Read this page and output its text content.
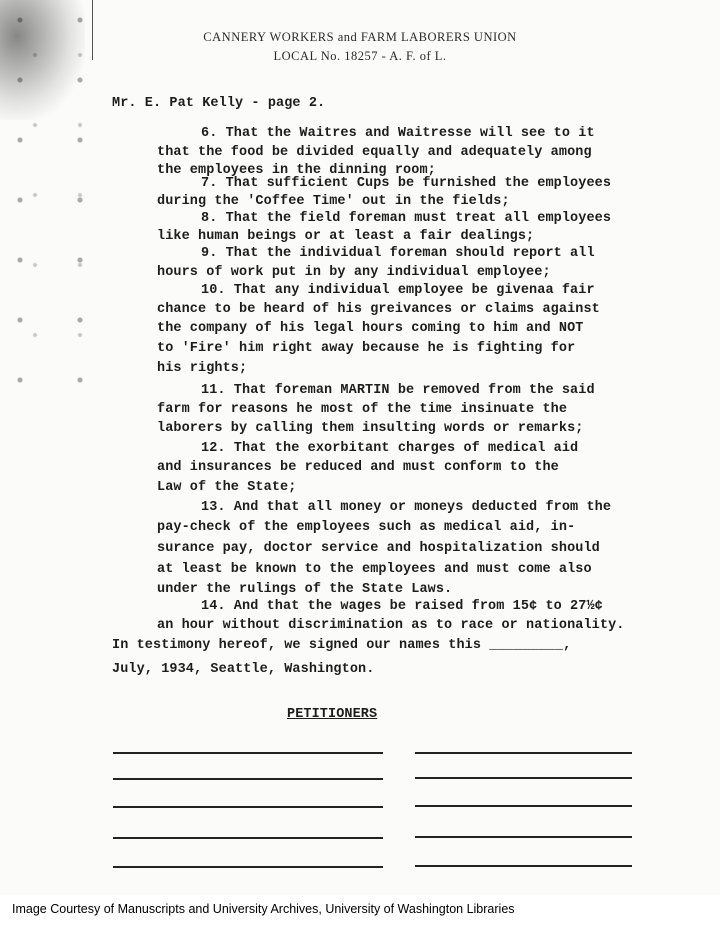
CANNERY WORKERS and FARM LABORERS UNION
LOCAL No. 18257 - A. F. of L.
Mr. E. Pat Kelly - page 2.
6. That the Waitres and Waitresse will see to it
that the food be divided equally and adequately among
the employees in the dinning room;
7. That sufficient Cups be furnished the employees
during the 'Coffee Time' out in the fields;
8. That the field foreman must treat all employees
like human beings or at least a fair dealings;
9. That the individual foreman should report all
hours of work put in by any individual employee;
10. That any individual employee be givenaa fair
chance to be heard of his greivances or claims against
the company of his legal hours coming to him and NOT
to 'Fire' him right away because he is fighting for
his rights;
11. That foreman MARTIN be removed from the said
farm for reasons he most of the time insinuate the
laborers by calling them insulting words or remarks;
12. That the exorbitant charges of medical aid
and insurances be reduced and must conform to the
Law of the State;
13. And that all money or moneys deducted from the
pay-check of the employees such as medical aid, in-
surance pay, doctor service and hospitalization should
at least be known to the employees and must come also
under the rulings of the State Laws.
14. And that the wages be raised from 15¢ to 27½¢
an hour without discrimination as to race or nationality.
In testimony hereof, we signed our names this _________,
July, 1934, Seattle, Washington.
PETITIONERS
Image Courtesy of Manuscripts and University Archives, University of Washington Libraries
